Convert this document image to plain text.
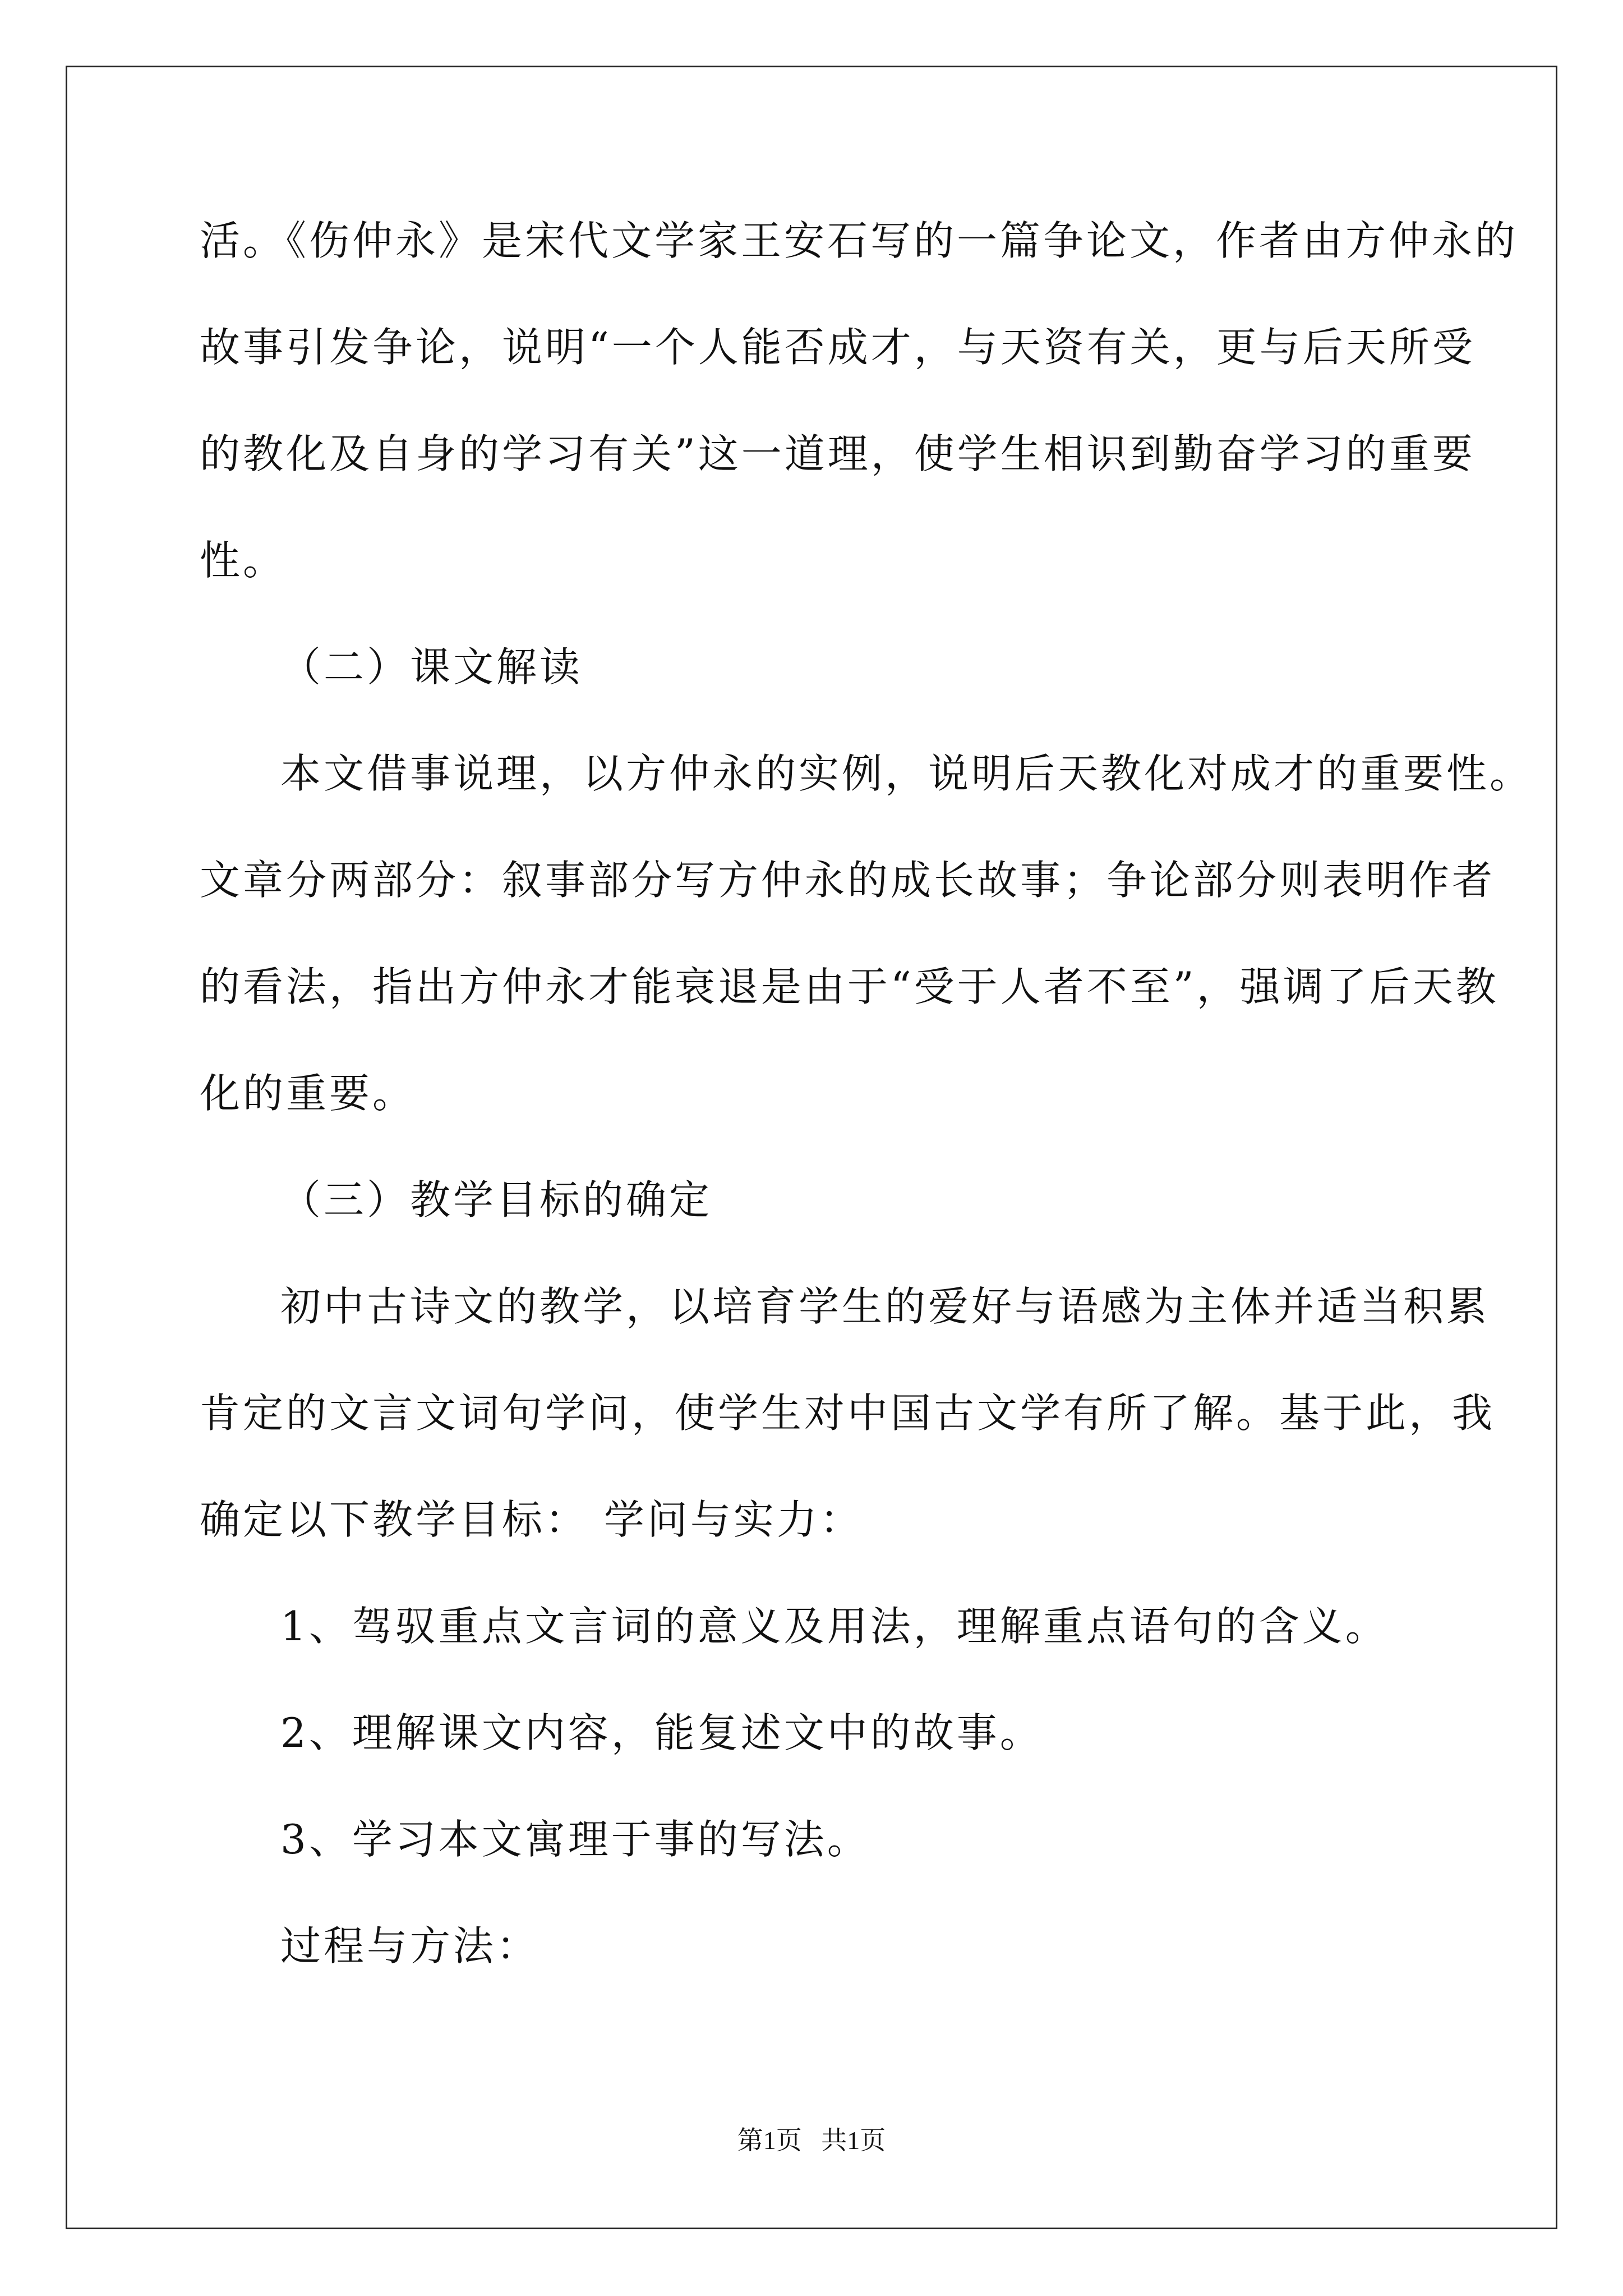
活。《伤仲永》是宋代文学家王安石写的一篇争论文，作者由方仲永的
故事引发争论，说明“一个人能否成才，与天资有关，更与后天所受
的教化及自身的学习有关”这一道理，使学生相识到勤奋学习的重要
性。
（二）课文解读
本文借事说理，以方仲永的实例，说明后天教化对成才的重要性。
文章分两部分：叙事部分写方仲永的成长故事；争论部分则表明作者
的看法，指出方仲永才能衰退是由于“受于人者不至”，强调了后天教
化的重要。
（三）教学目标的确定
初中古诗文的教学，以培育学生的爱好与语感为主体并适当积累
肯定的文言文词句学问，使学生对中国古文学有所了解。基于此，我
确定以下教学目标： 学问与实力：
1、驾驭重点文言词的意义及用法，理解重点语句的含义。
2、理解课文内容，能复述文中的故事。
3、学习本文寓理于事的写法。
过程与方法：
第1页   共1页
